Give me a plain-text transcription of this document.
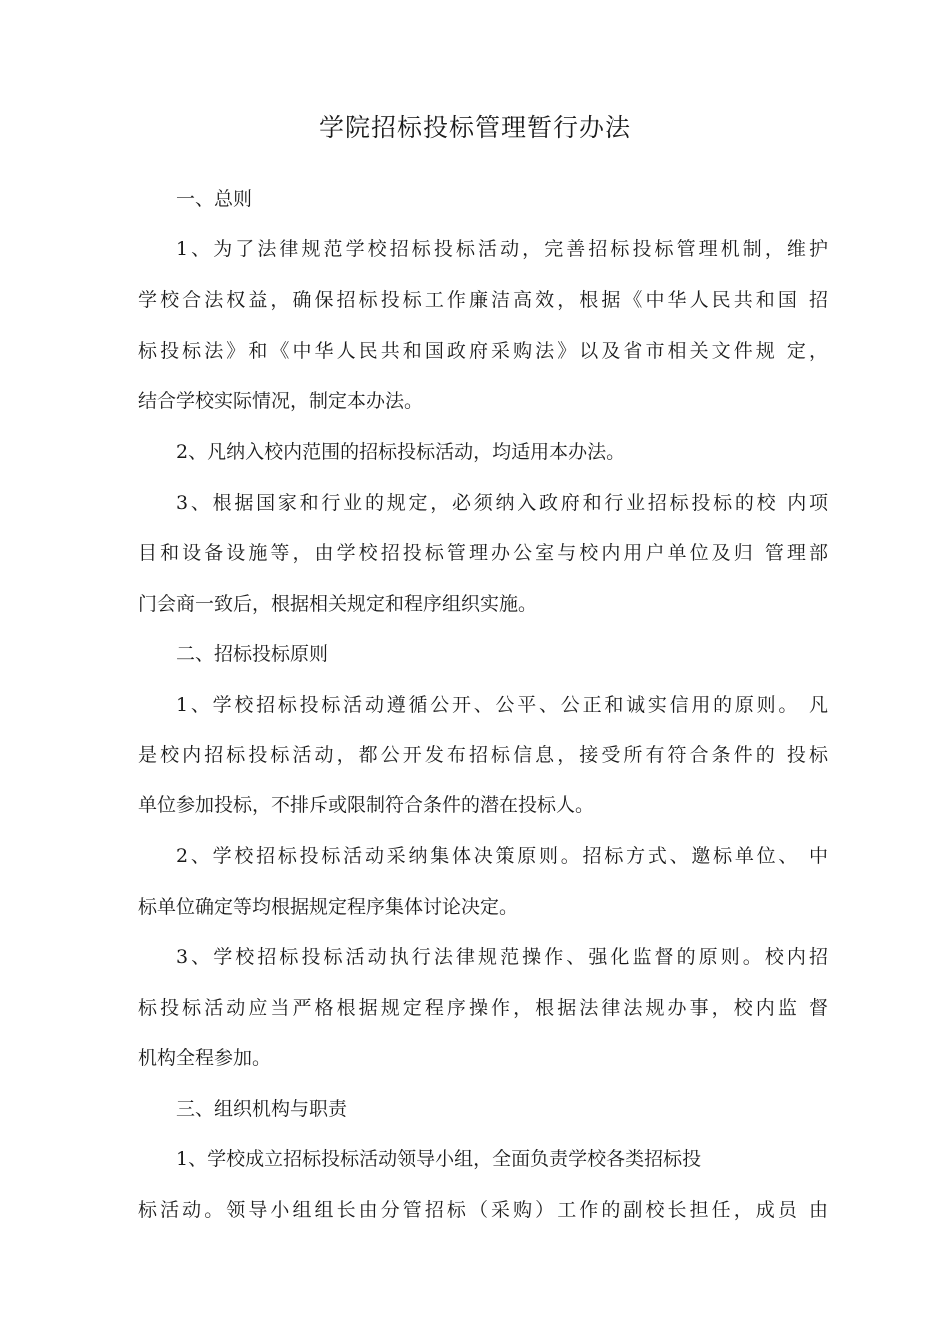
学院招标投标管理暂行办法
一、总则
1、为了法律规范学校招标投标活动，完善招标投标管理机制，维护
学校合法权益，确保招标投标工作廉洁高效，根据《中华人民共和国 招
标投标法》和《中华人民共和国政府采购法》以及省市相关文件规 定，
结合学校实际情况，制定本办法。
2、凡纳入校内范围的招标投标活动，均适用本办法。
3、根据国家和行业的规定，必须纳入政府和行业招标投标的校 内项
目和设备设施等，由学校招投标管理办公室与校内用户单位及归 管理部
门会商一致后，根据相关规定和程序组织实施。
二、招标投标原则
1、学校招标投标活动遵循公开、公平、公正和诚实信用的原则。 凡
是校内招标投标活动，都公开发布招标信息，接受所有符合条件的 投标
单位参加投标，不排斥或限制符合条件的潜在投标人。
2、学校招标投标活动采纳集体决策原则。招标方式、邀标单位、 中
标单位确定等均根据规定程序集体讨论决定。
3、学校招标投标活动执行法律规范操作、强化监督的原则。校内招
标投标活动应当严格根据规定程序操作，根据法律法规办事，校内监 督
机构全程参加。
三、组织机构与职责
1、学校成立招标投标活动领导小组，全面负责学校各类招标投
标活动。领导小组组长由分管招标（采购）工作的副校长担任，成员 由
